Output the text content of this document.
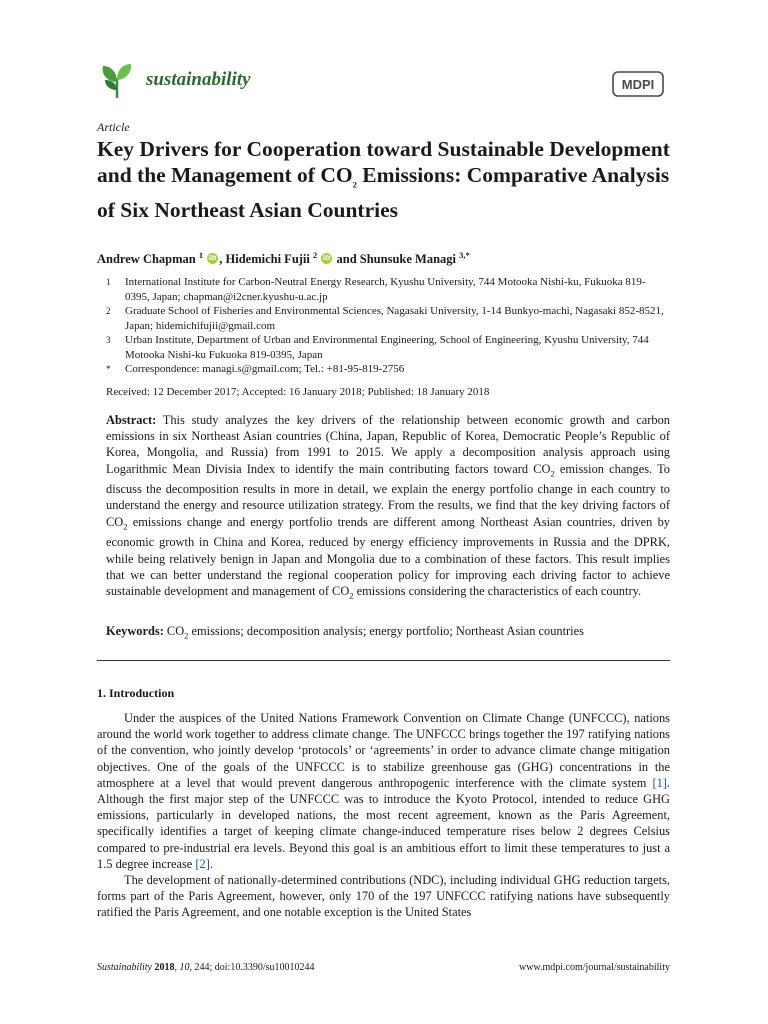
sustainability	MDPI
Article
Key Drivers for Cooperation toward Sustainable Development and the Management of $CO_2$ Emissions: Comparative Analysis of Six Northeast Asian Countries
Andrew Chapman $^1$ iD , Hidemichi Fujii $^2$ iD and Shunsuke Managi $^{3,*}$
1 International Institute for Carbon-Neutral Energy Research, Kyushu University, 744 Motooka Nishi-ku, Fukuoka 819-0395, Japan; chapman@i2cner.kyushu-u.ac.jp
2 Graduate School of Fisheries and Environmental Sciences, Nagasaki University, 1-14 Bunkyo-machi, Nagasaki 852-8521, Japan; hidemichifujii@gmail.com
3 Urban Institute, Department of Urban and Environmental Engineering, School of Engineering, Kyushu University, 744 Motooka Nishi-ku Fukuoka 819-0395, Japan
* Correspondence: managi.s@gmail.com; Tel.: +81-95-819-2756
Received: 12 December 2017; Accepted: 16 January 2018; Published: 18 January 2018
Abstract: This study analyzes the key drivers of the relationship between economic growth and carbon emissions in six Northeast Asian countries (China, Japan, Republic of Korea, Democratic People’s Republic of Korea, Mongolia, and Russia) from 1991 to 2015. We apply a decomposition analysis approach using Logarithmic Mean Divisia Index to identify the main contributing factors toward $CO_2$ emission changes. To discuss the decomposition results in more in detail, we explain the energy portfolio change in each country to understand the energy and resource utilization strategy. From the results, we find that the key driving factors of $CO_2$ emissions change and energy portfolio trends are different among Northeast Asian countries, driven by economic growth in China and Korea, reduced by energy efficiency improvements in Russia and the DPRK, while being relatively benign in Japan and Mongolia due to a combination of these factors. This result implies that we can better understand the regional cooperation policy for improving each driving factor to achieve sustainable development and management of $CO_2$ emissions considering the characteristics of each country.
Keywords: $CO_2$ emissions; decomposition analysis; energy portfolio; Northeast Asian countries
1. Introduction

Under the auspices of the United Nations Framework Convention on Climate Change (UNFCCC), nations around the world work together to address climate change. The UNFCCC brings together the 197 ratifying nations of the convention, who jointly develop ‘protocols’ or ‘agreements’ in order to advance climate change mitigation objectives. One of the goals of the UNFCCC is to stabilize greenhouse gas (GHG) concentrations in the atmosphere at a level that would prevent dangerous anthropogenic interference with the climate system [1]. Although the first major step of the UNFCCC was to introduce the Kyoto Protocol, intended to reduce GHG emissions, particularly in developed nations, the most recent agreement, known as the Paris Agreement, specifically identifies a target of keeping climate change-induced temperature rises below 2 degrees Celsius compared to pre-industrial era levels. Beyond this goal is an ambitious effort to limit these temperatures to just a 1.5 degree increase [2].

The development of nationally-determined contributions (NDC), including individual GHG reduction targets, forms part of the Paris Agreement, however, only 170 of the 197 UNFCCC ratifying nations have subsequently ratified the Paris Agreement, and one notable exception is the United States

Sustainability 2018, 10, 244; doi:10.3390/su10010244	www.mdpi.com/journal/sustainability
